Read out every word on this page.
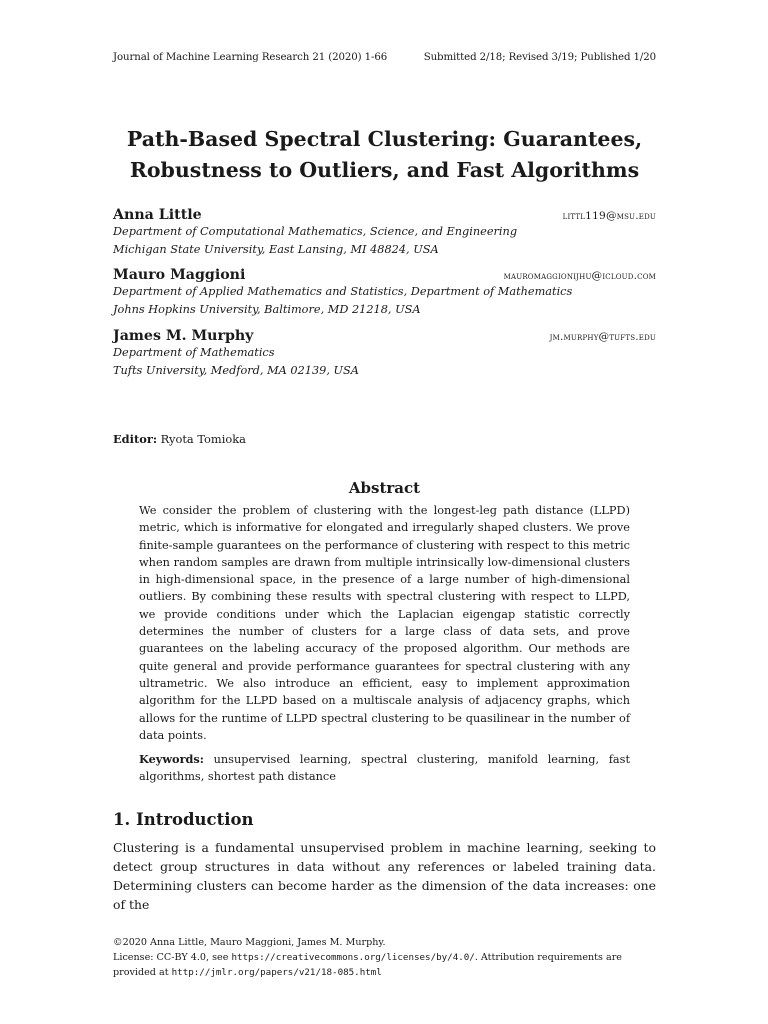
Journal of Machine Learning Research 21 (2020) 1-66	Submitted 2/18; Revised 3/19; Published 1/20
Path-Based Spectral Clustering: Guarantees,
Robustness to Outliers, and Fast Algorithms
Anna Little	littl119@msu.edu
Department of Computational Mathematics, Science, and Engineering
Michigan State University, East Lansing, MI 48824, USA
Mauro Maggioni	mauromaggionijhu@icloud.com
Department of Applied Mathematics and Statistics, Department of Mathematics
Johns Hopkins University, Baltimore, MD 21218, USA
James M. Murphy	jm.murphy@tufts.edu
Department of Mathematics
Tufts University, Medford, MA 02139, USA
Editor: Ryota Tomioka
Abstract
We consider the problem of clustering with the longest-leg path distance (LLPD) metric, which is informative for elongated and irregularly shaped clusters. We prove finite-sample guarantees on the performance of clustering with respect to this metric when random samples are drawn from multiple intrinsically low-dimensional clusters in high-dimensional space, in the presence of a large number of high-dimensional outliers. By combining these results with spectral clustering with respect to LLPD, we provide conditions under which the Laplacian eigengap statistic correctly determines the number of clusters for a large class of data sets, and prove guarantees on the labeling accuracy of the proposed algorithm. Our methods are quite general and provide performance guarantees for spectral clustering with any ultrametric. We also introduce an efficient, easy to implement approximation algorithm for the LLPD based on a multiscale analysis of adjacency graphs, which allows for the runtime of LLPD spectral clustering to be quasilinear in the number of data points.
Keywords: unsupervised learning, spectral clustering, manifold learning, fast algorithms, shortest path distance
1. Introduction
Clustering is a fundamental unsupervised problem in machine learning, seeking to detect group structures in data without any references or labeled training data. Determining clusters can become harder as the dimension of the data increases: one of the
©2020 Anna Little, Mauro Maggioni, James M. Murphy.
License: CC-BY 4.0, see https://creativecommons.org/licenses/by/4.0/. Attribution requirements are provided at http://jmlr.org/papers/v21/18-085.html
